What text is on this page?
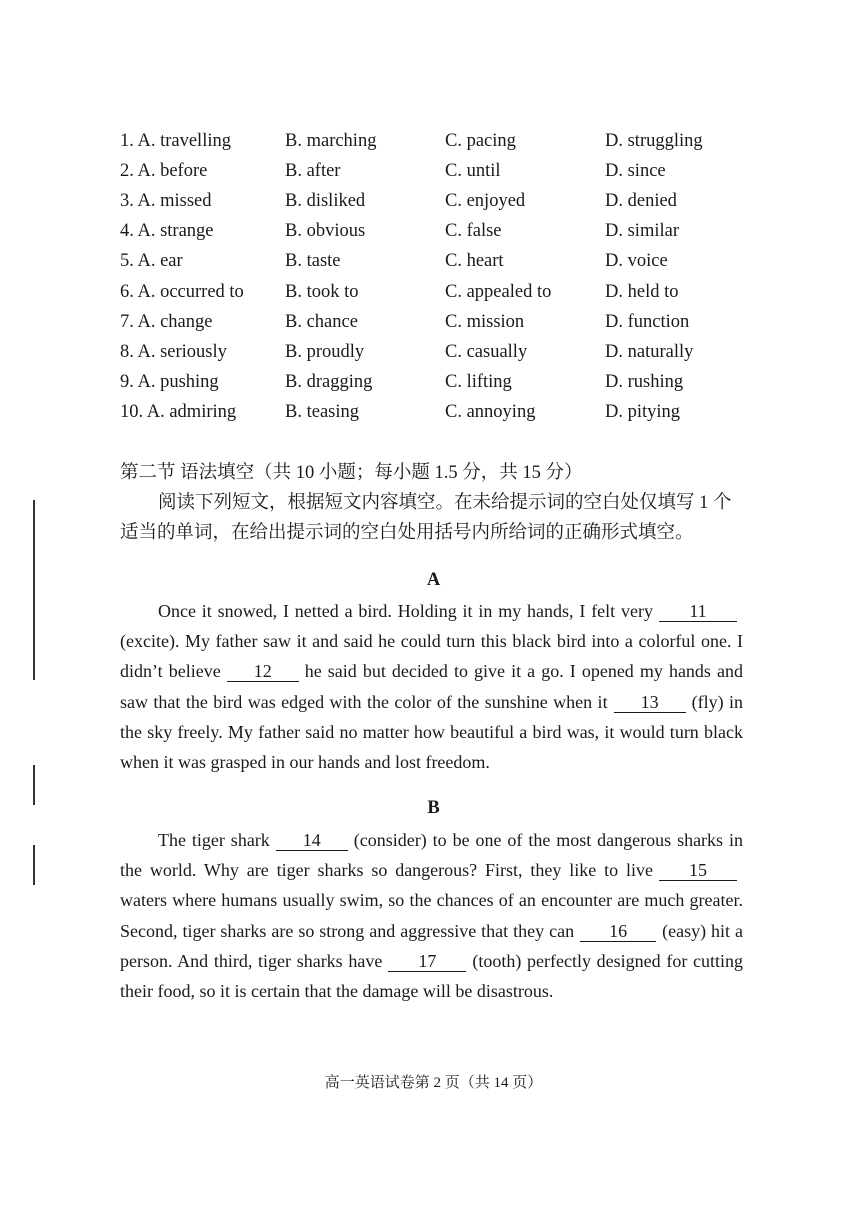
1. A. travelling	B. marching	C. pacing	D. struggling
2. A. before	B. after	C. until	D. since
3. A. missed	B. disliked	C. enjoyed	D. denied
4. A. strange	B. obvious	C. false	D. similar
5. A. ear	B. taste	C. heart	D. voice
6. A. occurred to	B. took to	C. appealed to	D. held to
7. A. change	B. chance	C. mission	D. function
8. A. seriously	B. proudly	C. casually	D. naturally
9. A. pushing	B. dragging	C. lifting	D. rushing
10. A. admiring	B. teasing	C. annoying	D. pitying
第二节 语法填空（共 10 小题；每小题 1.5 分，共 15 分）
阅读下列短文，根据短文内容填空。在未给提示词的空白处仅填写 1 个适当的单词，在给出提示词的空白处用括号内所给词的正确形式填空。
A
Once it snowed, I netted a bird. Holding it in my hands, I felt very 11(excite). My father saw it and said he could turn this black bird into a colorful one. I didn’t believe 12 he said but decided to give it a go. I opened my hands and saw that the bird was edged with the color of the sunshine when it 13 (fly) in the sky freely. My father said no matter how beautiful a bird was, it would turn black when it was grasped in our hands and lost freedom.
B
The tiger shark 14 (consider) to be one of the most dangerous sharks in the world. Why are tiger sharks so dangerous? First, they like to live 15waters where humans usually swim, so the chances of an encounter are much greater. Second, tiger sharks are so strong and aggressive that they can 16 (easy) hit a person. And third, tiger sharks have 17 (tooth) perfectly designed for cutting their food, so it is certain that the damage will be disastrous.
高一英语试卷第 2 页（共 14 页）
